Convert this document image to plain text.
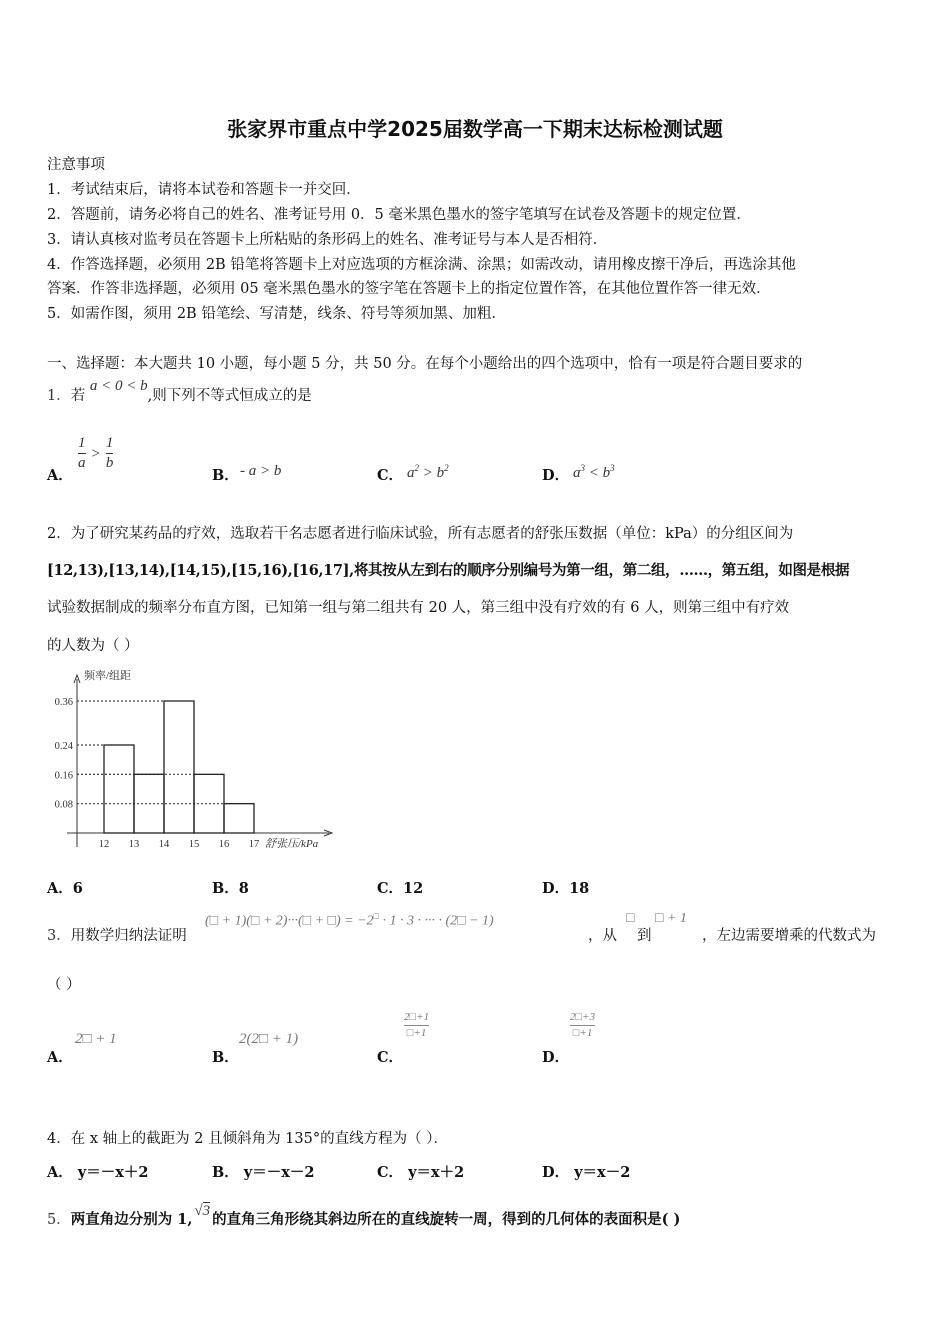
张家界市重点中学2025届数学高一下期末达标检测试题
注意事项
1．考试结束后，请将本试卷和答题卡一并交回．
2．答题前，请务必将自己的姓名、准考证号用 0．5 毫米黑色墨水的签字笔填写在试卷及答题卡的规定位置．
3．请认真核对监考员在答题卡上所粘贴的条形码上的姓名、准考证号与本人是否相符．
4．作答选择题，必须用 2B 铅笔将答题卡上对应选项的方框涂满、涂黑；如需改动，请用橡皮擦干净后，再选涂其他
答案．作答非选择题，必须用 05 毫米黑色墨水的签字笔在答题卡上的指定位置作答，在其他位置作答一律无效．
5．如需作图，须用 2B 铅笔绘、写清楚，线条、符号等须加黑、加粗．
一、选择题：本大题共 10 小题，每小题 5 分，共 50 分。在每个小题给出的四个选项中，恰有一项是符合题目要求的
1．若 a < 0 < b,则下列不等式恒成立的是
A．
$\frac{1}{a} > \frac{1}{b}$
B． - a > b	C． $a^2 > b^2$	D． $a^3 < b^3$
2．为了研究某药品的疗效，选取若干名志愿者进行临床试验，所有志愿者的舒张压数据（单位：kPa）的分组区间为
[12,13),[13,14),[14,15),[15,16),[16,17],将其按从左到右的顺序分别编号为第一组，第二组，……，第五组，如图是根据
试验数据制成的频率分布直方图，已知第一组与第二组共有 20 人，第三组中没有疗效的有 6 人，则第三组中有疗效
的人数为（ ）
0.36
0.24
0.16
0.08
12 13 14 15 16 17
频率/组距
舒张压/kPa
A．6	B．8	C．12	D．18
3．用数学归纳法证明
(□ + 1)(□ + 2)···(□ + □) = −2□ · 1 · 3 · ··· · (2□ − 1)
，从
□
到
□ + 1
，左边需要增乘的代数式为
（ ）
A．
2□ + 1
B．
2(2□ + 1)
C．
$\frac{2□+1}{□+1}$
D．
$\frac{2□+3}{□+1}$
4．在 x 轴上的截距为 2 且倾斜角为 135°的直线方程为（ ）．
A． y＝－x＋2	B． y＝－x－2	C． y＝x＋2	D． y＝x－2
5．两直角边分别为 1, √3 的直角三角形绕其斜边所在的直线旋转一周，得到的几何体的表面积是( )
